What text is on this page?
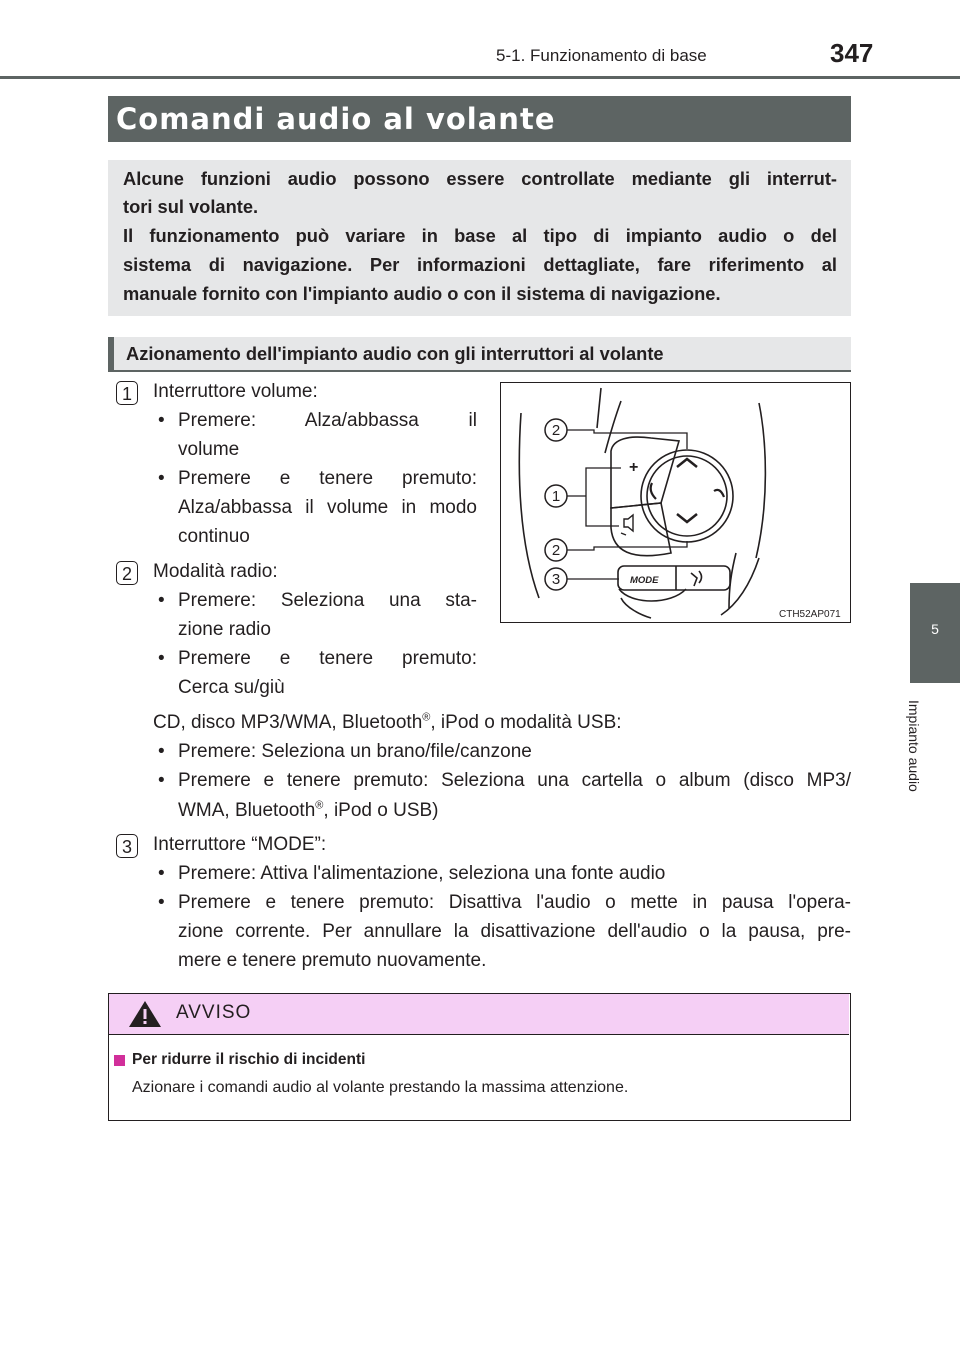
5-1. Funzionamento di base	347
5
Impianto audio
Comandi audio al volante

Alcune funzioni audio possono essere controllate mediante gli interrut-

tori sul volante.

Il funzionamento può variare in base al tipo di impianto audio o del

sistema di navigazione. Per informazioni dettagliate, fare riferimento al

manuale fornito con l'impianto audio o con il sistema di navigazione.

Azionamento dell'impianto audio con gli interruttori al volante
1	Interruttore volume:
• Premere: Alza/abbassa il
volume
• Premere e tenere premuto:
Alza/abbassa il volume in modo
continuo
2	Modalità radio:
• Premere: Seleziona una sta-
zione radio
• Premere e tenere premuto:
Cerca su/giù
CD, disco MP3/WMA, Bluetooth®, iPod o modalità USB:
• Premere: Seleziona un brano/file/canzone
• Premere e tenere premuto: Seleziona una cartella o album (disco MP3/
WMA, Bluetooth®, iPod o USB)
3	Interruttore “MODE”:
• Premere: Attiva l'alimentazione, seleziona una fonte audio
• Premere e tenere premuto: Disattiva l'audio o mette in pausa l'opera-
zione corrente. Per annullare la disattivazione dell'audio o la pausa, pre-
mere e tenere premuto nuovamente.
+
MODE
2
1
2
3
CTH52AP071
AVVISO
Per ridurre il rischio di incidenti
Azionare i comandi audio al volante prestando la massima attenzione.
